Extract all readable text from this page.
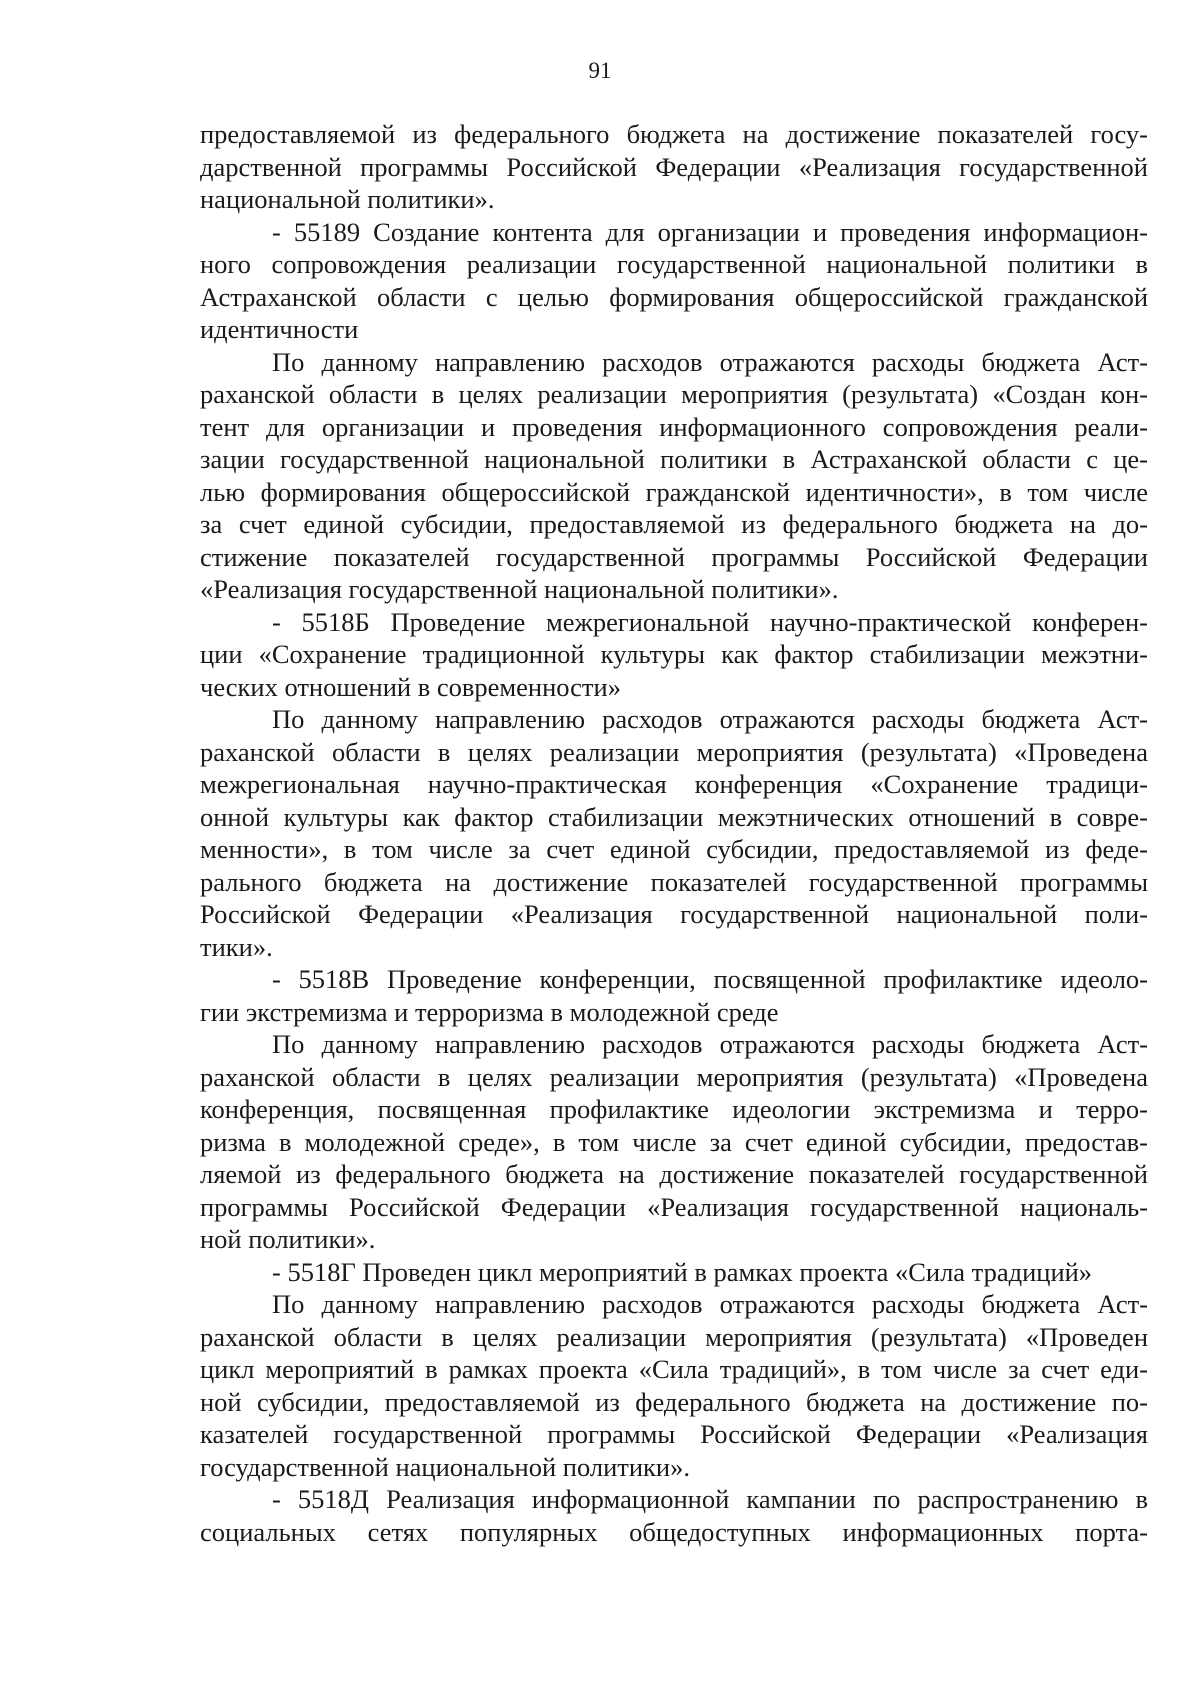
91
предоставляемой из федерального бюджета на достижение показателей госу-
дарственной программы Российской Федерации «Реализация государственной
национальной политики».
- 55189 Создание контента для организации и проведения информацион-
ного сопровождения реализации государственной национальной политики в
Астраханской области с целью формирования общероссийской гражданской
идентичности
По данному направлению расходов отражаются расходы бюджета Аст-
раханской области в целях реализации мероприятия (результата) «Создан кон-
тент для организации и проведения информационного сопровождения реали-
зации государственной национальной политики в Астраханской области с це-
лью формирования общероссийской гражданской идентичности», в том числе
за счет единой субсидии, предоставляемой из федерального бюджета на до-
стижение показателей государственной программы Российской Федерации
«Реализация государственной национальной политики».
- 5518Б Проведение межрегиональной научно-практической конферен-
ции «Сохранение традиционной культуры как фактор стабилизации межэтни-
ческих отношений в современности»
По данному направлению расходов отражаются расходы бюджета Аст-
раханской области в целях реализации мероприятия (результата) «Проведена
межрегиональная научно-практическая конференция «Сохранение традици-
онной культуры как фактор стабилизации межэтнических отношений в совре-
менности», в том числе за счет единой субсидии, предоставляемой из феде-
рального бюджета на достижение показателей государственной программы
Российской Федерации «Реализация государственной национальной поли-
тики».
- 5518В Проведение конференции, посвященной профилактике идеоло-
гии экстремизма и терроризма в молодежной среде
По данному направлению расходов отражаются расходы бюджета Аст-
раханской области в целях реализации мероприятия (результата) «Проведена
конференция, посвященная профилактике идеологии экстремизма и терро-
ризма в молодежной среде», в том числе за счет единой субсидии, предостав-
ляемой из федерального бюджета на достижение показателей государственной
программы Российской Федерации «Реализация государственной националь-
ной политики».
- 5518Г Проведен цикл мероприятий в рамках проекта «Сила традиций»
По данному направлению расходов отражаются расходы бюджета Аст-
раханской области в целях реализации мероприятия (результата) «Проведен
цикл мероприятий в рамках проекта «Сила традиций», в том числе за счет еди-
ной субсидии, предоставляемой из федерального бюджета на достижение по-
казателей государственной программы Российской Федерации «Реализация
государственной национальной политики».
- 5518Д Реализация информационной кампании по распространению в
социальных сетях популярных общедоступных информационных порта-
